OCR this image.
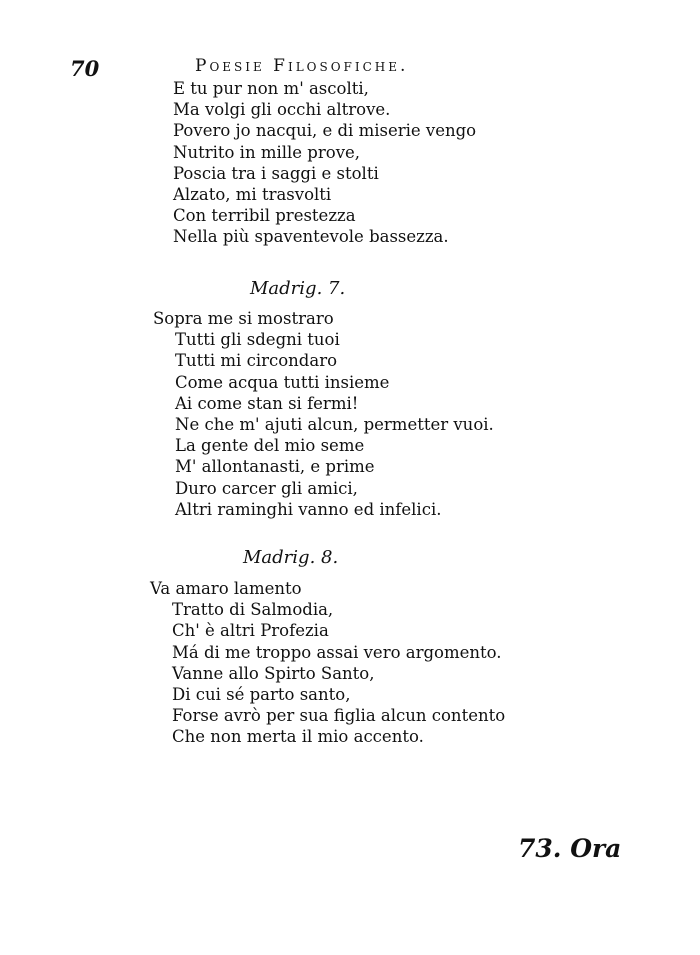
70	Poesie Filosofiche.
E tu pur non m' ascolti,
Ma volgi gli occhi altrove.
Povero jo nacqui, e di miserie vengo
Nutrito in mille prove,
Poscia tra i saggi e stolti
Alzato, mi trasvolti
Con terribil prestezza
Nella più spaventevole bassezza.
Madrig. 7.
Sopra me si mostraro
Tutti gli sdegni tuoi
Tutti mi circondaro
Come acqua tutti insieme
Ai come stan si fermi!
Ne che m' ajuti alcun, permetter vuoi.
La gente del mio seme
M' allontanasti, e prime
Duro carcer gli amici,
Altri raminghi vanno ed infelici.
Madrig. 8.
Va amaro lamento
Tratto di Salmodia,
Ch' è altri Profezia
Má di me troppo assai vero argomento.
Vanne allo Spirto Santo,
Di cui sé parto santo,
Forse avrò per sua figlia alcun contento
Che non merta il mio accento.
73. Ora
